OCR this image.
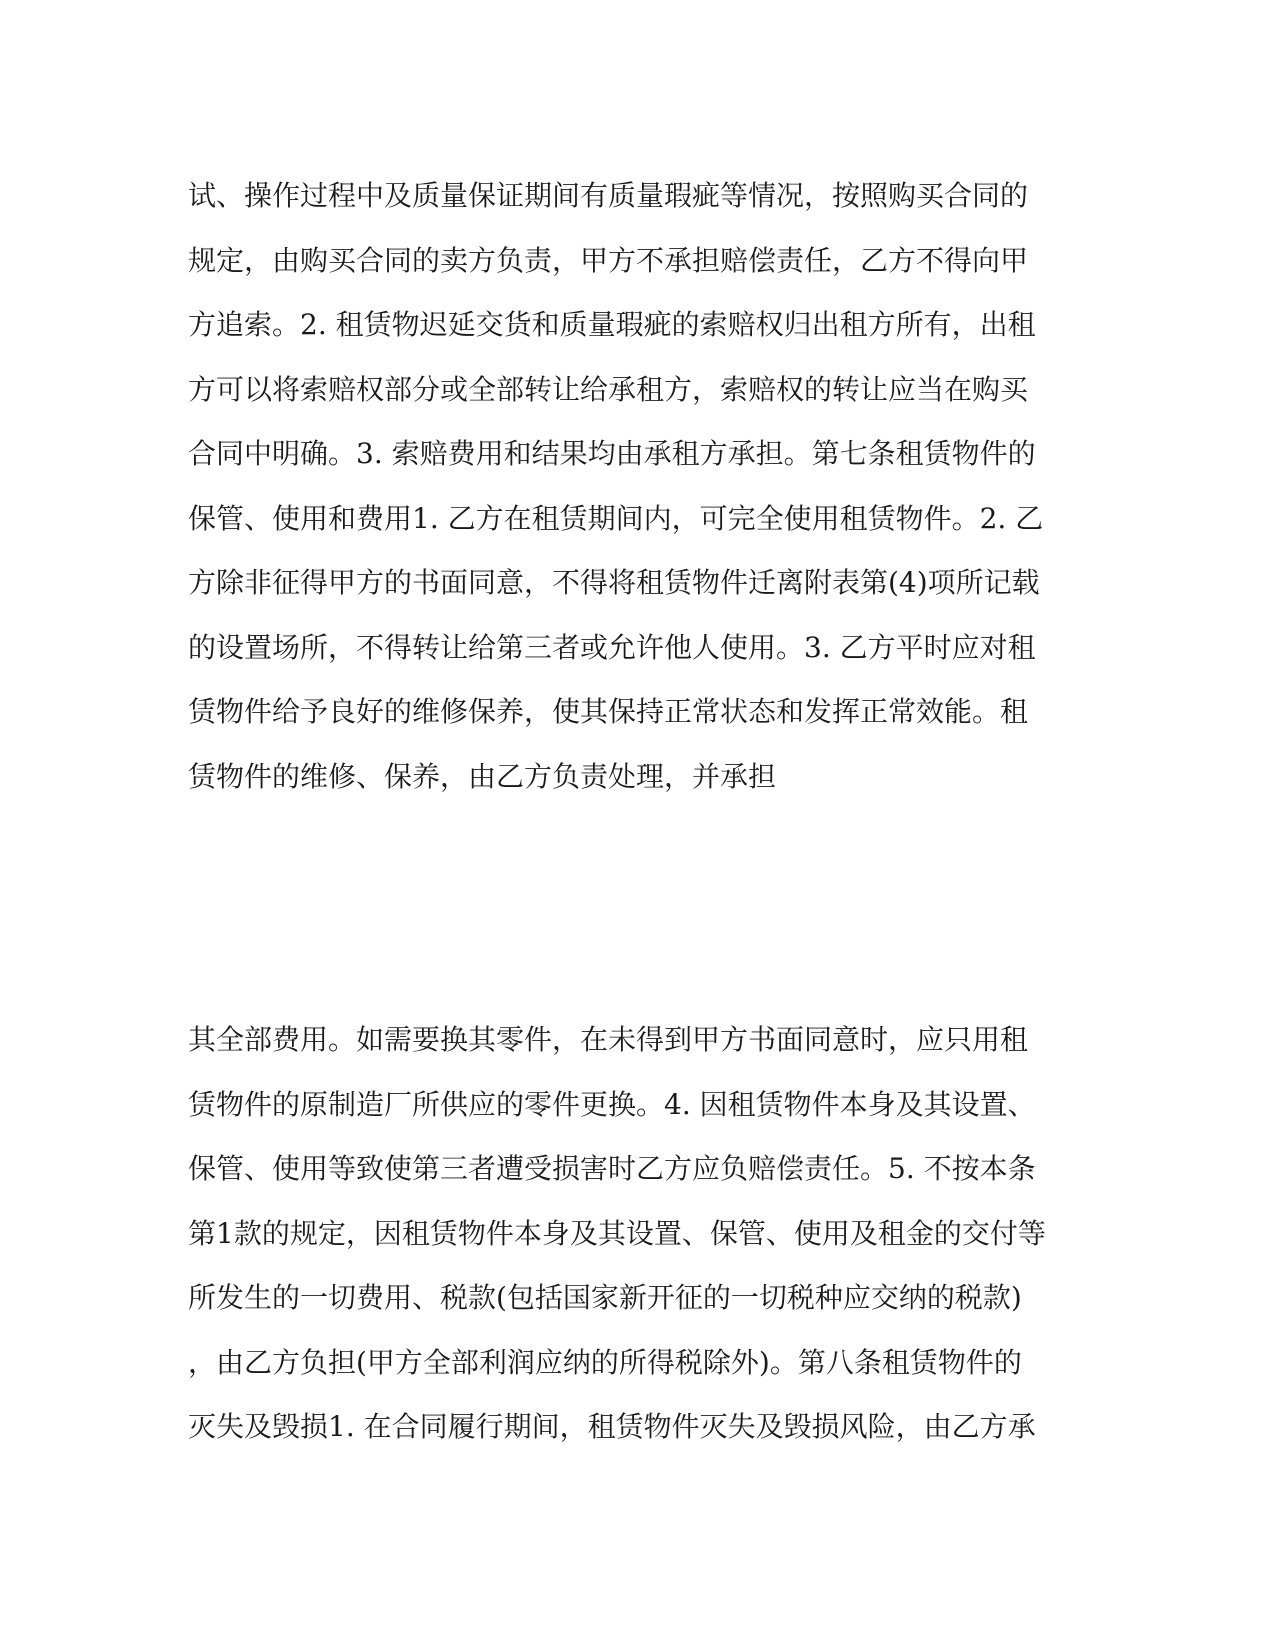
试、操作过程中及质量保证期间有质量瑕疵等情况，按照购买合同的
规定，由购买合同的卖方负责，甲方不承担赔偿责任，乙方不得向甲
方追索。2. 租赁物迟延交货和质量瑕疵的索赔权归出租方所有，出租
方可以将索赔权部分或全部转让给承租方，索赔权的转让应当在购买
合同中明确。3. 索赔费用和结果均由承租方承担。第七条租赁物件的
保管、使用和费用1. 乙方在租赁期间内，可完全使用租赁物件。2. 乙
方除非征得甲方的书面同意，不得将租赁物件迁离附表第(4)项所记载
的设置场所，不得转让给第三者或允许他人使用。3. 乙方平时应对租
赁物件给予良好的维修保养，使其保持正常状态和发挥正常效能。租
赁物件的维修、保养，由乙方负责处理，并承担
其全部费用。如需要换其零件，在未得到甲方书面同意时，应只用租
赁物件的原制造厂所供应的零件更换。4. 因租赁物件本身及其设置、
保管、使用等致使第三者遭受损害时乙方应负赔偿责任。5. 不按本条
第1款的规定，因租赁物件本身及其设置、保管、使用及租金的交付等
所发生的一切费用、税款(包括国家新开征的一切税种应交纳的税款)
，由乙方负担(甲方全部利润应纳的所得税除外)。第八条租赁物件的
灭失及毁损1. 在合同履行期间，租赁物件灭失及毁损风险，由乙方承
